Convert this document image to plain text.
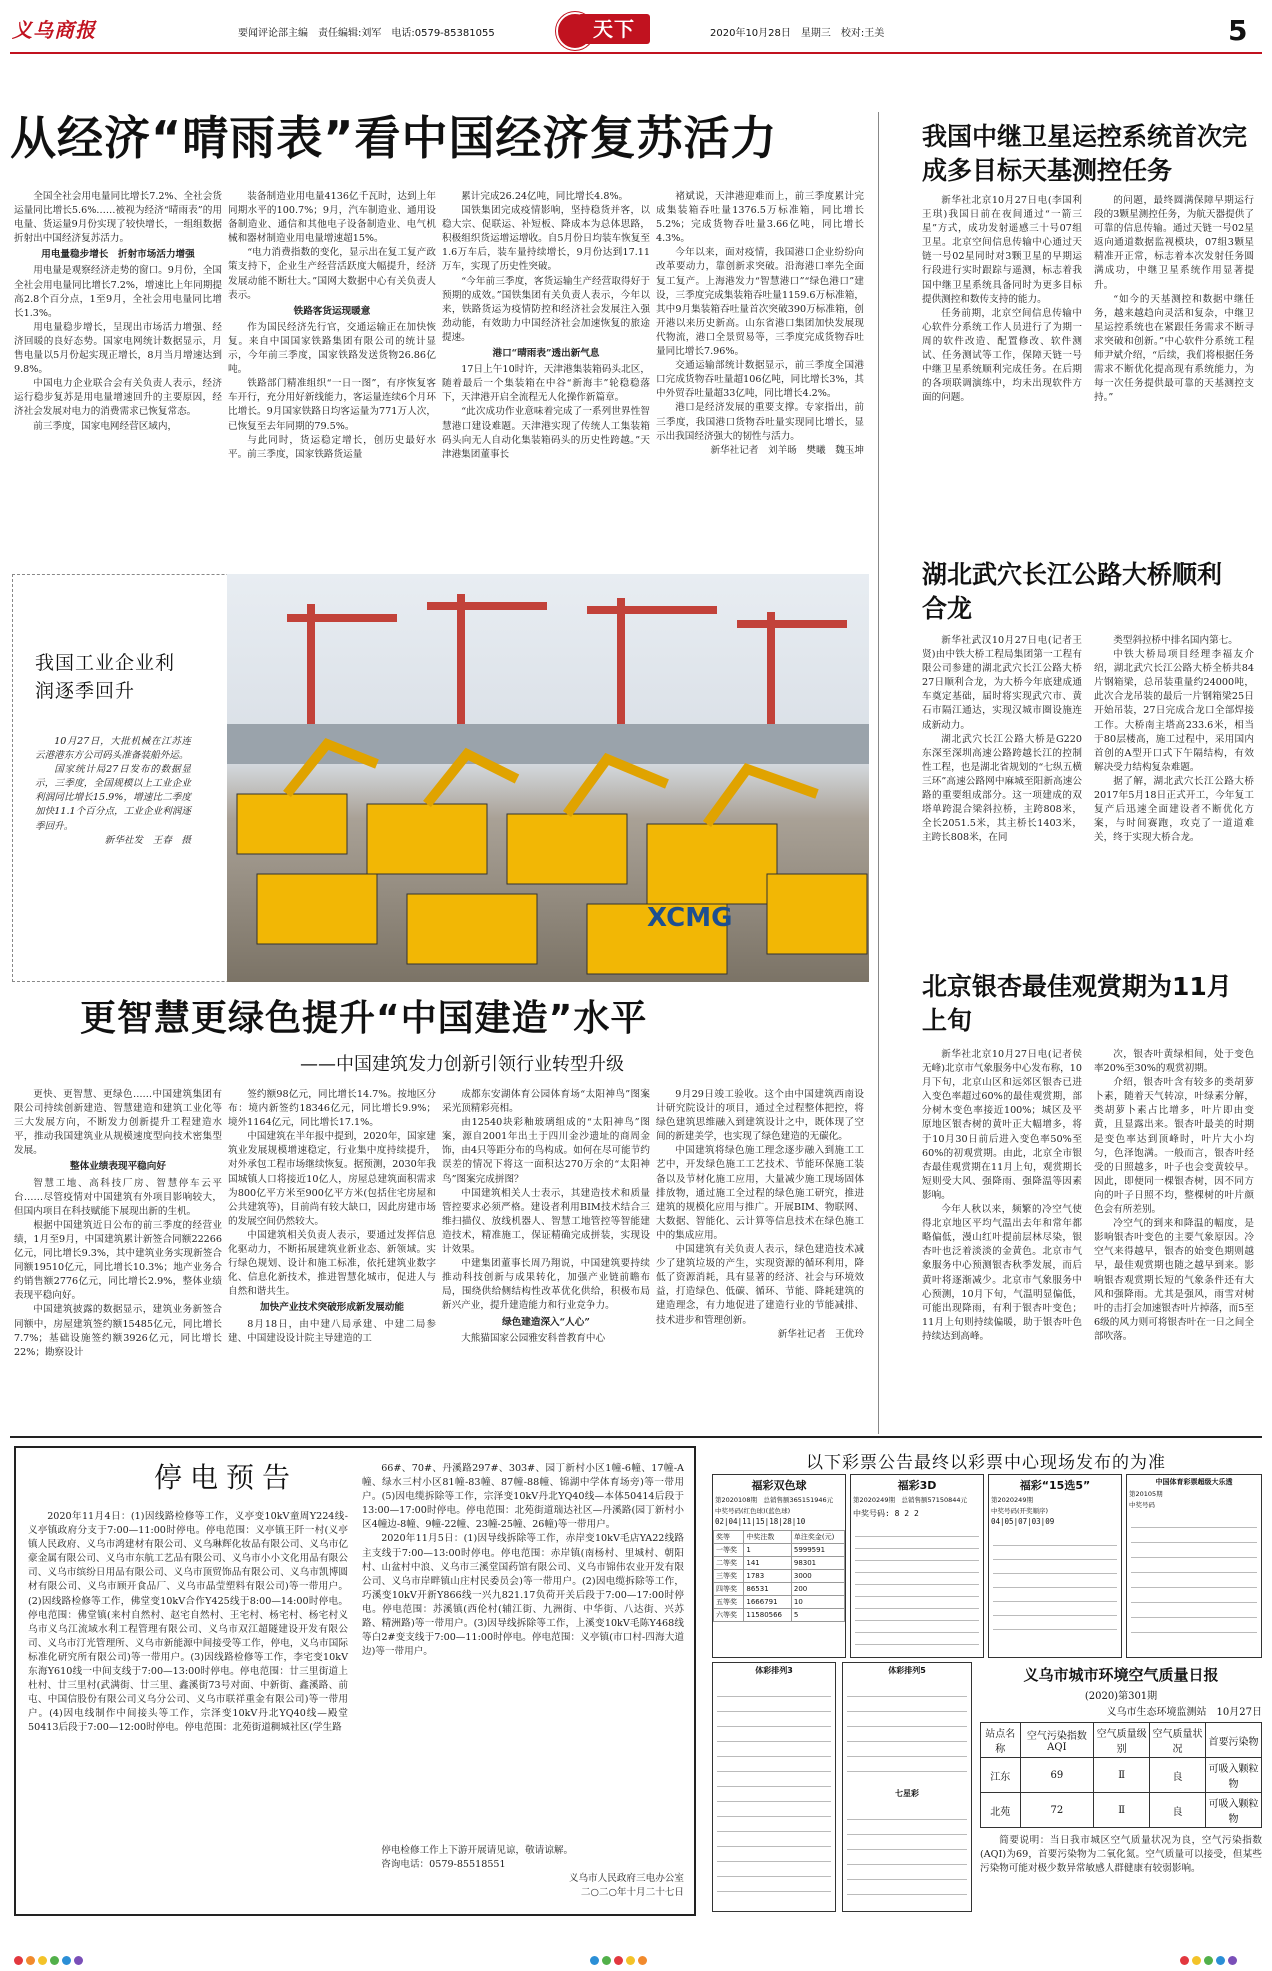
义乌商报	要闻评论部主编　责任编辑:刘军　电话:0579-85381055	天下	2020年10月28日　星期三　校对:王美	5
从经济“晴雨表”看中国经济复苏活力

全国全社会用电量同比增长7.2%、全社会货运量同比增长5.6%……被视为经济“晴雨表”的用电量、货运量9月份实现了较快增长，一组组数据折射出中国经济复苏活力。

用电量稳步增长　折射市场活力增强

用电量是观察经济走势的窗口。9月份，全国全社会用电量同比增长7.2%，增速比上年同期提高2.8个百分点，1至9月，全社会用电量同比增长1.3%。

用电量稳步增长，呈现出市场活力增强、经济回暖的良好态势。国家电网统计数据显示，月售电量以5月份起实现正增长，8月当月增速达到9.8%。

中国电力企业联合会有关负责人表示，经济运行稳步复苏是用电量增速回升的主要原因，经济社会发展对电力的消费需求已恢复常态。

前三季度，国家电网经营区域内，

装备制造业用电量4136亿千瓦时，达到上年同期水平的100.7%；9月，汽车制造业、通用设备制造业、通信和其他电子设备制造业、电气机械和器材制造业用电量增速超15%。

“电力消费指数的变化，显示出在复工复产政策支持下，企业生产经营活跃度大幅提升，经济发展动能不断壮大。”国网大数据中心有关负责人表示。

铁路客货运现暖意

作为国民经济先行官，交通运输正在加快恢复。来自中国国家铁路集团有限公司的统计显示，今年前三季度，国家铁路发送货物26.86亿吨。

铁路部门精准组织“一日一图”，有序恢复客车开行，充分用好新线能力，客运量连续6个月环比增长。9月国家铁路日均客运量为771万人次，已恢复至去年同期的79.5%。

与此同时，货运稳定增长，创历史最好水平。前三季度，国家铁路货运量

累计完成26.24亿吨，同比增长4.8%。

国铁集团完成疫情影响，坚持稳货并客，以稳大宗、促联运、补短板、降成本为总体思路，积极组织货运增运增收。自5月份日均装车恢复至1.6万车后，装车量持续增长，9月份达到17.11万车，实现了历史性突破。

“今年前三季度，客货运输生产经营取得好于预期的成效。”国铁集团有关负责人表示，今年以来，铁路货运为疫情防控和经济社会发展注入强劲动能，有效助力中国经济社会加速恢复的旅途提速。

港口“晴雨表”透出新气息

17日上午10时许，天津港集装箱码头北区，随着最后一个集装箱在中谷“新海丰”轮稳稳落下，天津港开启全流程无人化操作新篇章。

“此次成功作业意味着完成了一系列世界性智慧港口建设难题。天津港实现了传统人工集装箱码头向无人自动化集装箱码头的历史性跨越。”天津港集团董事长

褚斌说，天津港迎难而上，前三季度累计完成集装箱吞吐量1376.5万标准箱，同比增长5.2%；完成货物吞吐量3.66亿吨，同比增长4.3%。

今年以来，面对疫情，我国港口企业纷纷向改革要动力，靠创新求突破。沿海港口率先全面复工复产。上海港发力“智慧港口”“绿色港口”建设，三季度完成集装箱吞吐量1159.6万标准箱，其中9月集装箱吞吐量首次突破390万标准箱，创开港以来历史新高。山东省港口集团加快发展现代物流，港口全景贸易等，三季度完成货物吞吐量同比增长7.96%。

交通运输部统计数据显示，前三季度全国港口完成货物吞吐量超106亿吨，同比增长3%，其中外贸吞吐量超33亿吨，同比增长4.2%。

港口是经济发展的重要支撑。专家指出，前三季度，我国港口货物吞吐量实现同比增长，显示出我国经济强大的韧性与活力。

新华社记者　刘羊旸　樊曦　魏玉坤

我国工业企业利润逐季回升

10月27日，大批机械在江苏连云港港东方公司码头准备装船外运。

国家统计局27日发布的数据显示，三季度，全国规模以上工业企业利润同比增长15.9%，增速比二季度加快11.1个百分点，工业企业利润逐季回升。

新华社发　王春　摄

XCMG
更智慧更绿色提升“中国建造”水平
——中国建筑发力创新引领行业转型升级

更快、更智慧、更绿色……中国建筑集团有限公司持续创新建造、智慧建造和建筑工业化等三大发展方向，不断发力创新提升工程建造水平，推动我国建筑业从规模速度型向技术密集型发展。

整体业绩表现平稳向好

智慧工地、高科技厂房、智慧停车云平台……尽管疫情对中国建筑有外项目影响较大，但国内项目在科技赋能下展现出新的生机。

根据中国建筑近日公布的前三季度的经营业绩，1月至9月，中国建筑累计新签合同额22266亿元，同比增长9.3%，其中建筑业务实现新签合同额19510亿元，同比增长10.3%；地产业务合约销售额2776亿元，同比增长2.9%，整体业绩表现平稳向好。

中国建筑披露的数据显示，建筑业务新签合同额中，房屋建筑签约额15485亿元，同比增长7.7%；基础设施签约额3926亿元，同比增长22%；勘察设计

签约额98亿元，同比增长14.7%。按地区分布：境内新签约18346亿元，同比增长9.9%；境外1164亿元，同比增长17.1%。

中国建筑在半年报中提到，2020年，国家建筑业发展规模增速稳定，行业集中度持续提升，对外承包工程市场继续恢复。据预测，2030年我国城镇人口将接近10亿人，房屋总建筑面积需求为800亿平方米至900亿平方米(包括住宅房屋和公共建筑等)，目前尚有较大缺口，因此房建市场的发展空间仍然较大。

中国建筑相关负责人表示，要通过发挥信息化驱动力，不断拓展建筑业新业态、新领域。实行绿色规划、设计和施工标准，依托建筑业数字化、信息化新技术，推进智慧化城市，促进人与自然和谐共生。

加快产业技术突破形成新发展动能

8月18日，由中建八局承建、中建二局参建、中国建设设计院主导建造的工

成都东安湖体育公园体育场“太阳神鸟”图案采光顶精彩亮相。

由12540块彩釉玻璃组成的“太阳神鸟”图案，源自2001年出土于四川金沙遗址的商周金饰，由4只等距分布的鸟构成。如何在尽可能节约误差的情况下将这一面积达270万余的“太阳神鸟”图案完成拼图？

中国建筑相关人士表示，其建造技术和质量管控要求必须严格。建设者利用BIM技术结合三维扫描仪、放线机器人、智慧工地管控等智能建造技术，精准施工，保证精确完成拼装，实现设计效果。

中建集团董事长周乃翔说，中国建筑要持续推动科技创新与成果转化，加强产业链前瞻布局，围绕供给侧结构性改革优化供给，积极布局新兴产业，提升建造能力和行业竞争力。

绿色建造深入“人心”

大熊猫国家公园雅安科普教育中心

9月29日竣工验收。这个由中国建筑西南设计研究院设计的项目，通过全过程整体把控，将绿色建筑思维融入到建筑设计之中，既体现了空间的新建美学，也实现了绿色建造的无碳化。

中国建筑将绿色施工理念逐步融入到施工工艺中，开发绿色施工工艺技术、节能环保施工装备以及节材化施工应用，大量减少施工现场固体排放物，通过施工全过程的绿色施工研究，推进建筑的规模化应用与推广。开展BIM、物联网、大数据、智能化、云计算等信息技术在绿色施工中的集成应用。

中国建筑有关负责人表示，绿色建造技术减少了建筑垃圾的产生，实现资源的循环利用，降低了资源消耗，具有显著的经济、社会与环境效益，打造绿色、低碳、循环、节能、降耗建筑的建造理念，有力地促进了建造行业的节能减排、技术进步和管理创新。

新华社记者　王优玲

我国中继卫星运控系统首次完成多目标天基测控任务

新华社北京10月27日电(李国利　王琪)我国日前在夜间通过“一箭三星”方式，成功发射遥感三十号07组卫星。北京空间信息传输中心通过天链一号02星同时对3颗卫星的早期运行段进行实时跟踪与遥测，标志着我国中继卫星系统具备同时为更多目标提供测控和数传支持的能力。

任务前期，北京空间信息传输中心软件分系统工作人员进行了为期一周的软件改造、配置修改、软件测试、任务测试等工作，保障天链一号中继卫星系统顺利完成任务。在后期的各项联调演练中，均未出现软件方面的问题。

的问题，最终圆满保障早期运行段的3颗星测控任务，为航天器提供了可靠的信息传输。通过天链一号02星返向通道数据监视模块，07组3颗星精准开正常，标志着本次发射任务圆满成功，中继卫星系统作用显著提升。

“如今的天基测控和数据中继任务，越来越趋向灵活和复杂，中继卫星运控系统也在紧跟任务需求不断寻求突破和创新。”中心软件分系统工程师尹斌介绍，“后续，我们将根据任务需求不断优化提高现有系统能力，为每一次任务提供最可靠的天基测控支持。”

湖北武穴长江公路大桥顺利合龙

新华社武汉10月27日电(记者王贤)由中铁大桥工程局集团第一工程有限公司参建的湖北武穴长江公路大桥27日顺利合龙，为大桥今年底建成通车奠定基础，届时将实现武穴市、黄石市隔江通达，实现汉城市圈设施连成新动力。

湖北武穴长江公路大桥是G220东深至深圳高速公路跨越长江的控制性工程，也是湖北省规划的“七纵五横三环”高速公路网中麻城至阳新高速公路的重要组成部分。这一项建成的双塔单跨混合梁斜拉桥，主跨808米，全长2051.5米，其主桥长1403米，主跨长808米，在同

类型斜拉桥中排名国内第七。

中铁大桥局项目经理李福友介绍，湖北武穴长江公路大桥全桥共84片钢箱梁，总吊装重量约24000吨，此次合龙吊装的最后一片钢箱梁25日开始吊装，27日完成合龙口全部焊接工作。大桥南主塔高233.6米，相当于80层楼高，施工过程中，采用国内首创的A型开口式下午隔结构，有效解决受力结构复杂难题。

据了解，湖北武穴长江公路大桥2017年5月18日正式开工，今年复工复产后迅速全面建设者不断优化方案，与时间赛跑，攻克了一道道难关，终于实现大桥合龙。

北京银杏最佳观赏期为11月上旬

新华社北京10月27日电(记者侯无峰)北京市气象服务中心发布称，10月下旬，北京山区和远郊区银杏已进入变色率超过60%的最佳观赏期，部分树木变色率接近100%；城区及平原地区银杏树的黄叶正大幅增多，将于10月30日前后进入变色率50%至60%的初观赏期。由此，北京全市银杏最佳观赏期在11月上旬，观赏期长短则受大风、强降雨、强降温等因素影响。

今年人秋以来，频繁的冷空气使得北京地区平均气温出去年和常年都略偏低，漫山红叶提前层林尽染，银杏叶也泛着淡淡的金黄色。北京市气象服务中心预测银杏秋季发展，而后黄叶将逐渐减少。北京市气象服务中心预测，10月下旬，气温明显偏低，可能出现降雨，有利于银杏叶变色；11月上旬则持续偏暖，助于银杏叶色持续达到高峰。

次，银杏叶黄绿相间，处于变色率20%至30%的观赏初期。

介绍，银杏叶含有较多的类胡萝卜素，随着天气转凉，叶绿素分解，类胡萝卜素占比增多，叶片即由变黄，且显露出来。银杏叶最美的时期是变色率达到顶峰时，叶片大小均匀，色泽饱满。一般而言，银杏叶经受的日照越多，叶子也会变黄较早。因此，即便同一棵银杏树，因不同方向的叶子日照不均，整棵树的叶片颜色会有所差别。

冷空气的到来和降温的幅度，是影响银杏叶变色的主要气象原因。冷空气来得越早，银杏的始变色期则越早，最佳观赏期也随之越早到来。影响银杏观赏期长短的气象条件还有大风和强降雨。尤其是强风，雨雪对树叶的击打会加速银杏叶片掉落，而5至6级的风力则可将银杏叶在一日之间全部吹落。

停电预告

2020年11月4日：(1)因线路检修等工作，义亭变10kV童周Y224线-义亭镇政府分支于7:00—11:00时停电。停电范围：义亭镇王阡一村(义亭镇人民政府、义乌市鸿建材有限公司、义乌琳辉化妆品有限公司、义乌市亿豪金属有限公司、义乌市东航工艺品有限公司、义乌市小小文化用品有限公司、义乌市缤纷日用品有限公司、义乌市顶贸饰品有限公司、义乌市凯博圆材有限公司、义乌市顾开食品厂、义乌市晶莹塑料有限公司)等一带用户。(2)因线路检修等工作，佛堂变10kV合作Y425线于8:00—14:00时停电。停电范围：佛堂镇(来村自然村、赵宅自然村、王宅村、杨宅村、杨宅村义乌市义乌江流域水利工程管理有限公司、义乌市双江超隧建设开发有限公司、义乌市汀光管理所、义乌市新能源中间接受等工作，停电，义乌市国际标准化研究所有限公司)等一带用户。(3)因线路检修等工作，李宅变10kV东海Y610线一中间支线于7:00—13:00时停电。停电范围：廿三里街道上杜村、廿三里村(武满街、廿三里、鑫溪街73号对面、中新街、鑫溪路、前屯、中国信股份有限公司义乌分公司、义乌市联祥重金有限公司)等一带用户。(4)因电线制作中间接头等工作，宗泽变10kV丹北YQ40线—殿堂50413后段于7:00—12:00时停电。停电范围：北苑街道稠城社区(学生路

66#、70#、丹溪路297#、303#、园丁新村小区1幢-6幢、17幢-A幢、绿水三村小区81幢-83幢、87幢-88幢、锦湖中学体育场旁)等一带用户。(5)因电缆拆除等工作，宗泽变10kV丹北YQ40线—本体50414后段于13:00—17:00时停电。停电范围：北苑街道瑞达社区—丹溪路(园丁新村小区4幢边-8幢、9幢-22幢、23幢-25幢、26幢)等一带用户。

2020年11月5日：(1)因导线拆除等工作，赤岸变10kV毛店YA22线路主支线于7:00—13:00时停电。停电范围：赤岸镇(南杨村、里城村、朝阳村、山盆村中浪、义乌市三溪堂国药馆有限公司、义乌市锦伟农业开发有限公司、义乌市岸畔镇山庄村民委员会)等一带用户。(2)因电缆拆除等工作，巧溪变10kV开新Y866线一兴九821.17负荷开关后段于7:00—17:00时停电。停电范围：苏溪镇(西伦村(辅江街、九洲街、中华街、八达街、兴苏路、精洲路)等一带用户。(3)因导线拆除等工作，上溪变10kV毛陈Y468线等白2#变支线于7:00—11:00时停电。停电范围：义亭镇(市口村-四海大道边)等一带用户。

停电检修工作上下游开展请见谅，敬请谅解。

咨询电话：0579-85518551

义乌市人民政府三电办公室

二○二○年十月二十七日

以下彩票公告最终以彩票中心现场发布的为准
福彩双色球
第2020108期　总销售额365151946元
中奖号码(红色球)(蓝色球)
02|04|11|15|18|28|10
奖等	中奖注数	单注奖金(元)
一等奖	1	5999591
二等奖	141	98301
三等奖	1783	3000
四等奖	86531	200
五等奖	1666791	10
六等奖	11580566	5
福彩3D
第2020249期　总销售额57150844元
中奖号码: 8 2 2
福彩“15选5”
第2020249期
中奖号码(开奖顺序)
04|05|07|03|09
中国体育彩票超级大乐透
第20105期
中奖号码
体彩排列3	体彩排列5
七星彩
义乌市城市环境空气质量日报
(2020)第301期
义乌市生态环境监测站　10月27日
站点名称	空气污染指数AQI	空气质量级别	空气质量状况	首要污染物
江东	69	Ⅱ	良	可吸入颗粒物
北苑	72	Ⅱ	良	可吸入颗粒物

简要说明：当日我市城区空气质量状况为良，空气污染指数(AQI)为69，首要污染物为二氧化氮。空气质量可以接受，但某些污染物可能对极少数异常敏感人群健康有较弱影响。
